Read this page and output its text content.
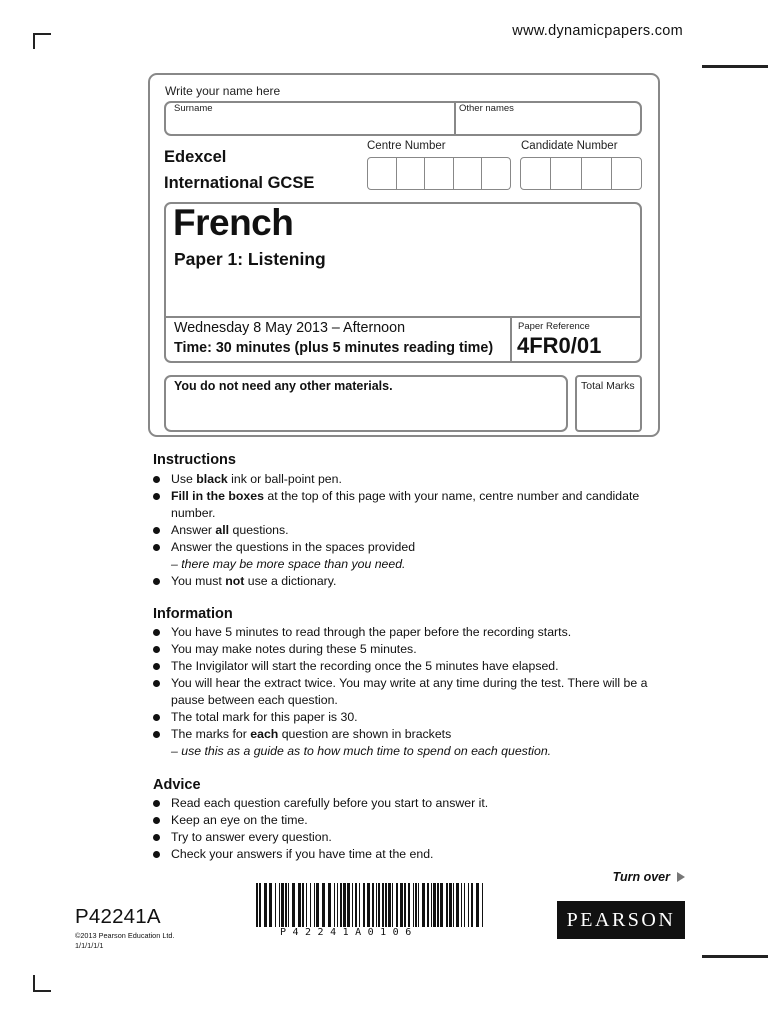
www.dynamicpapers.com
Write your name here
Surname	Other names
Centre Number	Candidate Number
Edexcel
International GCSE
French
Paper 1: Listening
Wednesday 8 May 2013 – Afternoon
Time: 30 minutes (plus 5 minutes reading time)
Paper Reference
4FR0/01
You do not need any other materials.	Total Marks
Instructions
Use black ink or ball-point pen.
Fill in the boxes at the top of this page with your name, centre number and candidate number.
Answer all questions.
Answer the questions in the spaces provided
– there may be more space than you need.
You must not use a dictionary.
Information
You have 5 minutes to read through the paper before the recording starts.
You may make notes during these 5 minutes.
The Invigilator will start the recording once the 5 minutes have elapsed.
You will hear the extract twice. You may write at any time during the test. There will be a pause between each question.
The total mark for this paper is 30.
The marks for each question are shown in brackets
– use this as a guide as to how much time to spend on each question.
Advice
Read each question carefully before you start to answer it.
Keep an eye on the time.
Try to answer every question.
Check your answers if you have time at the end.
Turn over
P42241A
©2013 Pearson Education Ltd.
1/1/1/1/1
P42241A0106
PEARSON
